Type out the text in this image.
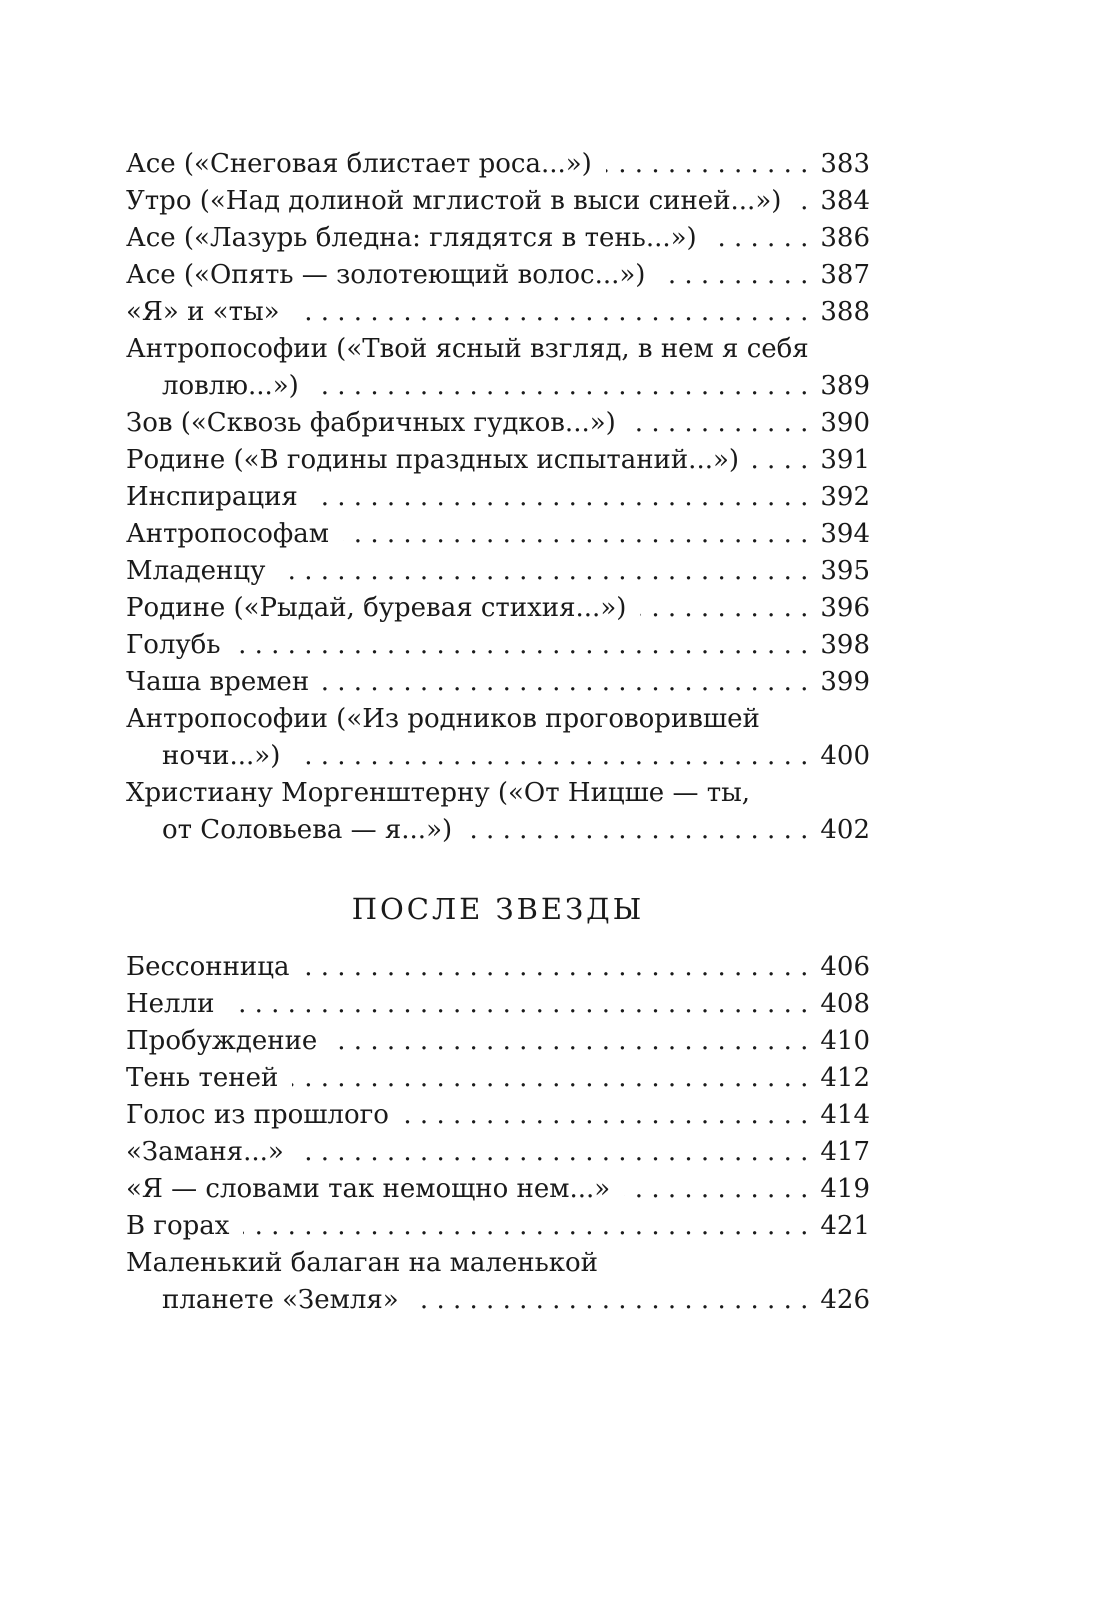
Асе («Снеговая блистает роса...») . . .	383
Утро («Над долиной мглистой в выси синей...») . . . 384
Асе («Лазурь бледна: глядятся в тень...») . . .	386
Асе («Опять — золотеющий волос...») . . .	387
«Я» и «ты» . . .	388
Антропософии («Твой ясный взгляд, в нем я себя
ловлю...») . . .	389
Зов («Сквозь фабричных гудков...») . . .	390
Родине («В годины праздных испытаний...») . . .	391
Инспирация . . .	392
Антропософам . . .	394
Младенцу . . .	395
Родине («Рыдай, буревая стихия...») . . .	396
Голубь . . .	398
Чаша времен . . .	399
Антропософии («Из родников проговорившей
ночи...») . . .	400
Христиану Моргенштерну («От Ницше — ты,
от Соловьева — я...») . . .	402
ПОСЛЕ ЗВЕЗДЫ
Бессонница . . .	406
Нелли . . .	408
Пробуждение . . .	410
Тень теней . . .	412
Голос из прошлого . . .	414
«Заманя...» . . .	417
«Я — словами так немощно нем...» . . .	419
В горах . . .	421
Маленький балаган на маленькой
планете «Земля» . . .	426
